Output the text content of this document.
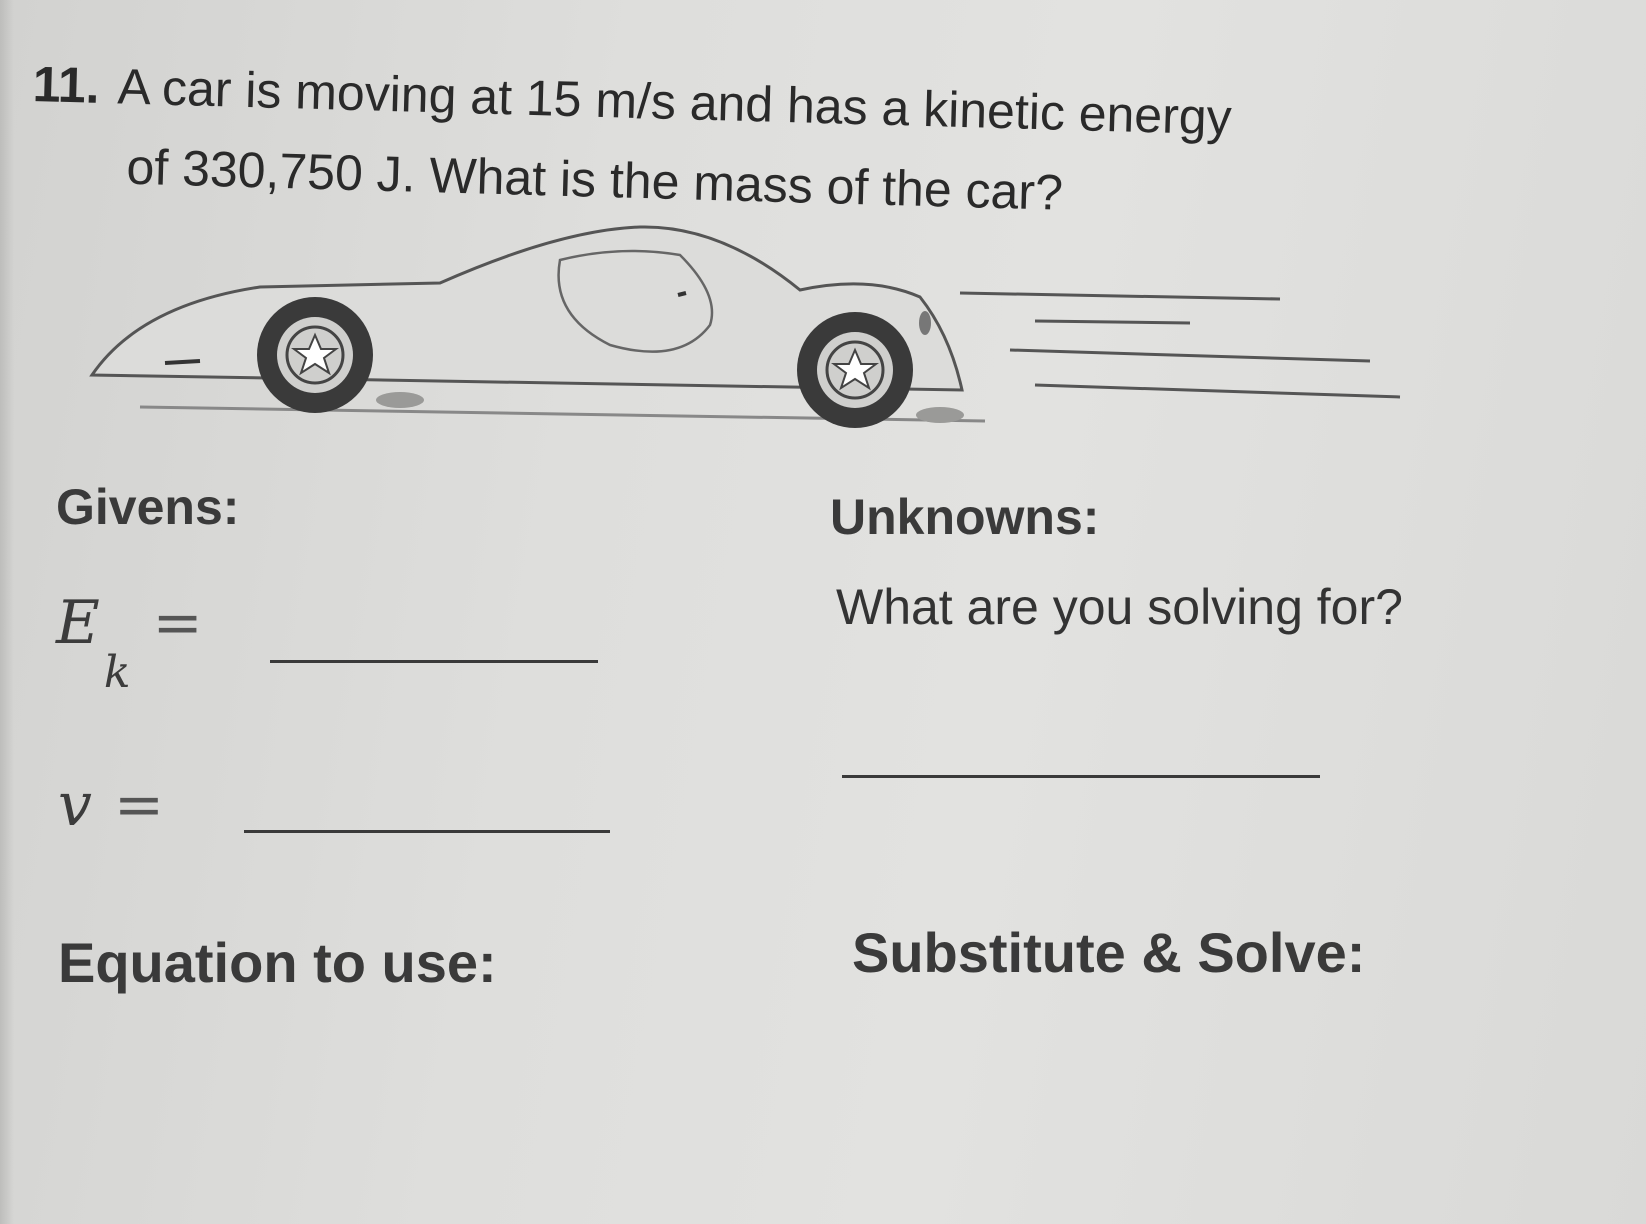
11. A car is moving at 15 m/s and has a kinetic energy
of 330,750 J. What is the mass of the car?
Givens:	Unknowns:
$E_k=$	What are you solving for?
v =
Equation to use:	Substitute & Solve:
